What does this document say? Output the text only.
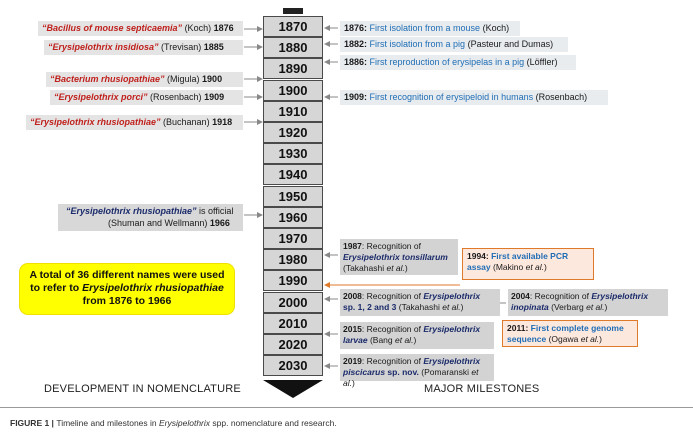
1870
1880
1890
1900
1910
1920
1930
1940
1950
1960
1970
1980
1990
2000
2010
2020
2030
“Bacillus of mouse septicaemia” (Koch) 1876
“Erysipelothrix insidiosa” (Trevisan) 1885
“Bacterium rhusiopathiae” (Migula) 1900
“Erysipelothrix porci” (Rosenbach) 1909
“Erysipelothrix rhusiopathiae” (Buchanan) 1918
“Erysipelothrix rhusiopathiae” is official
(Shuman and Wellmann) 1966
A total of 36 different names were used
to refer to Erysipelothrix rhusiopathiae
from 1876 to 1966
1876: First isolation from a mouse (Koch)
1882: First isolation from a pig (Pasteur and Dumas)
1886: First reproduction of erysipelas in a pig (Löffler)
1909: First recognition of erysipeloid in humans (Rosenbach)
1987: Recognition of
Erysipelothrix tonsillarum
(Takahashi et al.)
2008: Recognition of Erysipelothrix
sp. 1, 2 and 3 (Takahashi et al.)
2015: Recognition of Erysipelothrix
larvae (Bang et al.)
2019: Recognition of Erysipelothrix
piscicarus sp. nov. (Pomaranski et al.)
2004: Recognition of Erysipelothrix
inopinata (Verbarg et al.)
1994: First available PCR
assay (Makino et al.)
2011: First complete genome
sequence (Ogawa et al.)
DEVELOPMENT IN NOMENCLATURE	MAJOR MILESTONES
FIGURE 1 | Timeline and milestones in Erysipelothrix spp. nomenclature and research.
